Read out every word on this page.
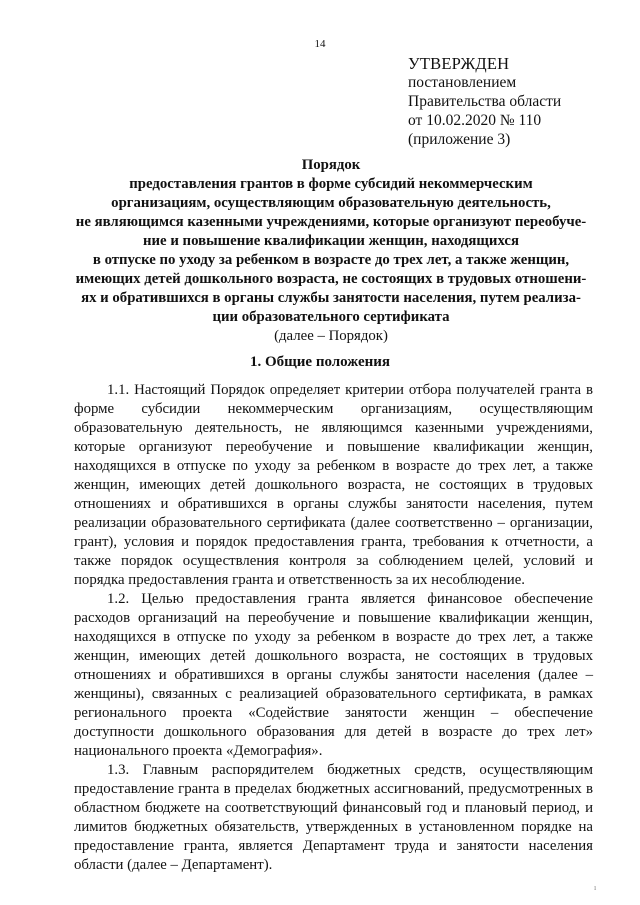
14
УТВЕРЖДЕН
постановлением
Правительства области
от 10.02.2020 № 110
(приложение 3)
Порядок
предоставления грантов в форме субсидий некоммерческим
организациям, осуществляющим образовательную деятельность,
не являющимся казенными учреждениями, которые организуют переобуче-
ние и повышение квалификации женщин, находящихся
в отпуске по уходу за ребенком в возрасте до трех лет, а также женщин,
имеющих детей дошкольного возраста, не состоящих в трудовых отношени-
ях и обратившихся в органы службы занятости населения, путем реализа-
ции образовательного сертификата
(далее – Порядок)
1. Общие положения

1.1. Настоящий Порядок определяет критерии отбора получателей гранта в форме субсидии некоммерческим организациям, осуществляющим образовательную деятельность, не являющимся казенными учреждениями, которые организуют переобучение и повышение квалификации женщин, находящихся в отпуске по уходу за ребенком в возрасте до трех лет, а также женщин, имеющих детей дошкольного возраста, не состоящих в трудовых отношениях и обратившихся в органы службы занятости населения, путем реализации образовательного сертификата (далее соответственно – организации, грант), условия и порядок предоставления гранта, требования к отчетности, а также порядок осуществления контроля за соблюдением целей, условий и порядка предоставления гранта и ответственность за их несоблюдение.

1.2. Целью предоставления гранта является финансовое обеспечение расходов организаций на переобучение и повышение квалификации женщин, находящихся в отпуске по уходу за ребенком в возрасте до трех лет, а также женщин, имеющих детей дошкольного возраста, не состоящих в трудовых отношениях и обратившихся в органы службы занятости населения (далее – женщины), связанных с реализацией образовательного сертификата, в рамках регионального проекта «Содействие занятости женщин – обеспечение доступности дошкольного образования для детей в возрасте до трех лет» национального проекта «Демография».

1.3. Главным распорядителем бюджетных средств, осуществляющим предоставление гранта в пределах бюджетных ассигнований, предусмотренных в областном бюджете на соответствующий финансовый год и плановый период, и лимитов бюджетных обязательств, утвержденных в установленном порядке на предоставление гранта, является Департамент труда и занятости населения области (далее – Департамент).

ı
